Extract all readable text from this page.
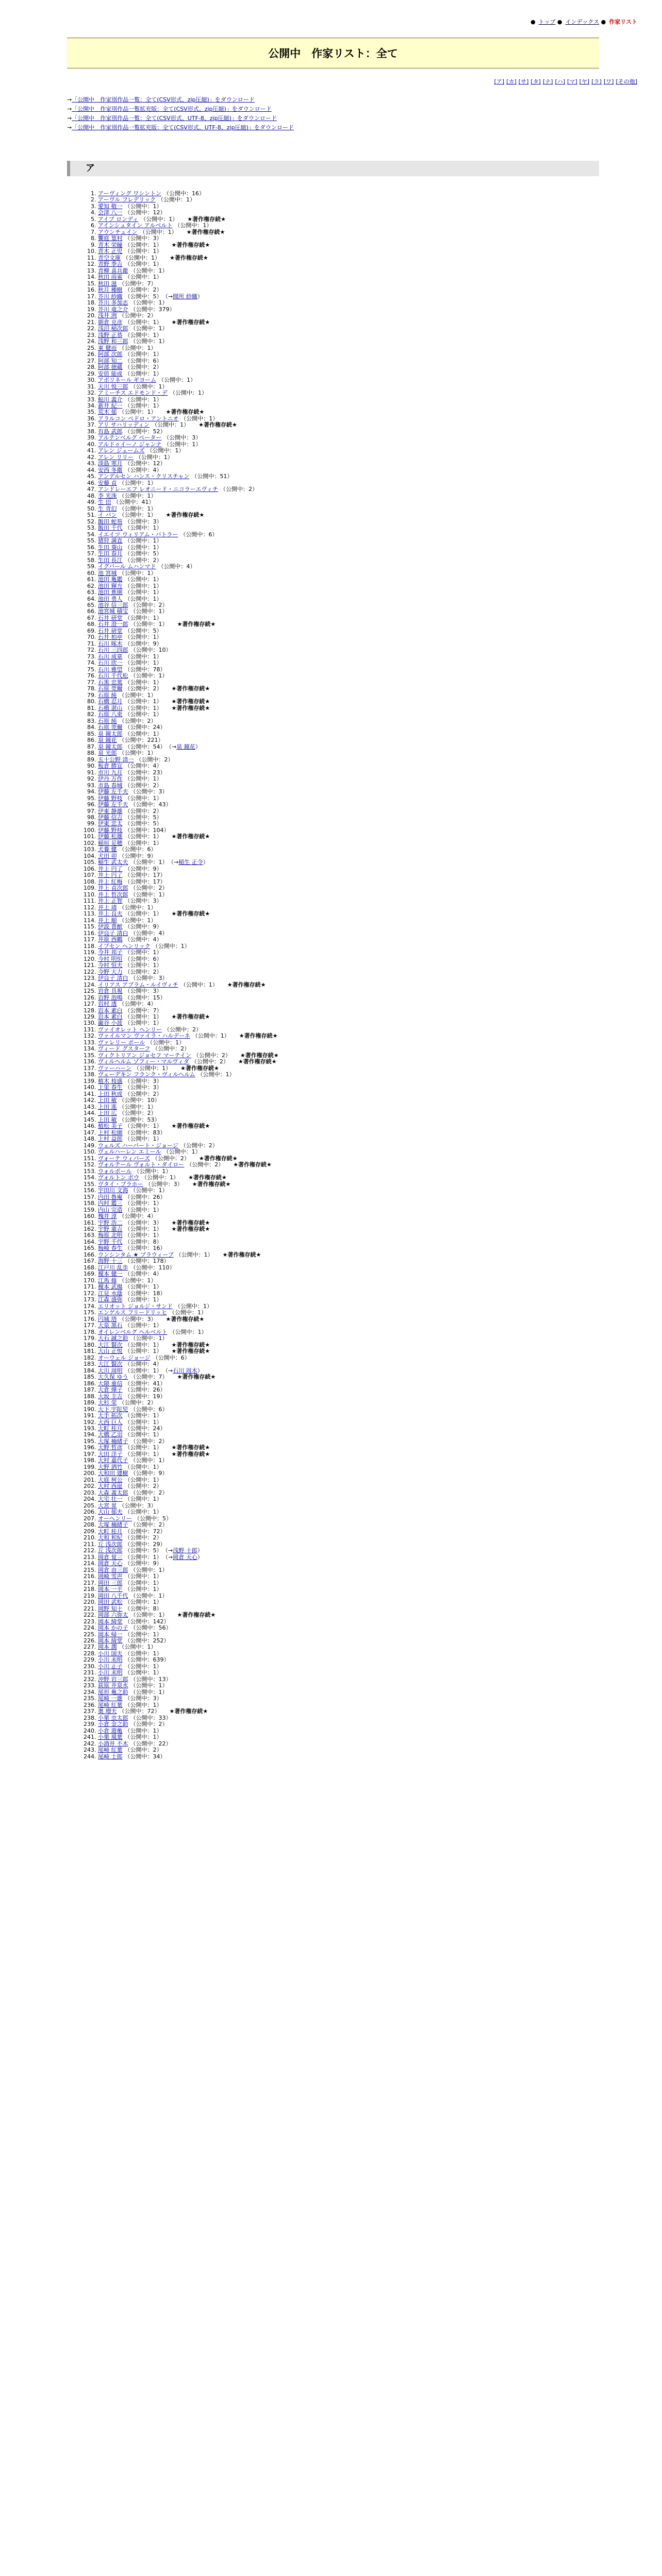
● トップ ● インデックス ● 作家リスト
公開中　作家リスト：全て
[ア] [カ] [サ] [タ] [ナ] [ハ] [マ] [ヤ] [ラ] [ワ] [その他]
→「公開中　作家別作品一覧：全て(CSV形式、zip圧縮)」をダウンロード
→「公開中　作家別作品一覧拡充版：全て(CSV形式、zip圧縮)」をダウンロード
→「公開中　作家別作品一覧：全て(CSV形式、UTF-8、zip圧縮)」をダウンロード
→「公開中　作家別作品一覧拡充版：全て(CSV形式、UTF-8、zip圧縮)」をダウンロード
ア
1. アーヴィング ワシントン （公開中：16）
2. アーヴル フレデリック （公開中：1）
3. 愛知 敬一 （公開中：1）
4. 会津 八一 （公開中：12）
5. アイブ ロンディ （公開中：1） ★著作権存続★
6. アインシュタイン アルベルト （公開中：1）
7. アウンチュイン （公開中：1） ★著作権存続★
8. 饗庭 篁村 （公開中：3）
9. 青木 栄瞳 （公開中：1） ★著作権存続★
10. 青木 正児 （公開中：1）
11. 青空文庫 （公開中：1） ★著作権存続★
12. 青野 季吉 （公開中：1）
13. 青柳 喜兵衛 （公開中：1）
14. 秋田 雨雀 （公開中：1）
15. 秋田 滋 （公開中：7）
16. 秋月 種樹 （公開中：2）
17. 芥川 紗織 （公開中：5） （→間所 紗織）
18. 芥川 多加志 （公開中：1）
19. 芥川 竜之介 （公開中：379）
20. 浅井 洌 （公開中：2）
21. 朝倉 克彦 （公開中：1） ★著作権存続★
22. 浅沼 稲次郎 （公開中：1）
23. 浅野 正恭 （公開中：1）
24. 浅野 和三郎 （公開中：1）
25. 東 健而 （公開中：1）
26. 阿部 次郎 （公開中：1）
27. 阿部 知二 （公開中：6）
28. 阿部 徳蔵 （公開中：2）
29. 安倍 能成 （公開中：1）
30. アポリネール ギヨーム （公開中：1）
31. 天川 悦三郎 （公開中：1）
32. アミーチス エドモンド・デ （公開中：1）
33. 鮎川 義介 （公開中：1）
34. 新井 紀一 （公開中：1）
35. 荒木 郁 （公開中：1） ★著作権存続★
36. アラルコン ペドロ・アントニオ （公開中：1）
37. アリ サハリッディン （公開中：1） ★著作権存続★
38. 有島 武郎 （公開中：52）
39. アルテンベルグ ペーター （公開中：3）
40. アルドゥイーノ ジャンナ （公開中：1）
41. アレン ジェームズ （公開中：1）
42. アレン リリー （公開中：1）
43. 淡島 寒月 （公開中：12）
44. 安西 冬衛 （公開中：4）
45. アンデルセン ハンス・クリスチャン （公開中：51）
46. 安藤 貞 （公開中：1）
47. アンドレーエフ レオニード・ニコラーエヴィチ （公開中：2）
48. 李 光洙 （公開中：1）
49. 生 田 （公開中：41）
50. 生 青幻 （公開中：1）
51. イ バン （公開中：1） ★著作権存続★
52. 飯田 蛇笏 （公開中：3）
53. 飯田 千代 （公開中：1）
54. イエイツ ウィリアム・バトラー （公開中：6）
55. 猪狩 満直 （公開中：1）
56. 生田 葵山 （公開中：1）
57. 生田 春月 （公開中：5）
58. 生田 長江 （公開中：2）
59. イグバール ムハンマド （公開中：4）
60. 池 宮城 （公開中：1）
61. 池田 亀鑑 （公開中：1）
62. 池田 輝方 （公開中：1）
63. 池田 蕉園 （公開中：1）
64. 池田 勇人 （公開中：1）
65. 池谷 信三郎 （公開中：2）
66. 池宮城 積宝 （公開中：1）
67. 石井 研堂 （公開中：1）
68. 石井 澄一郎 （公開中：1） ★著作権存続★
69. 石井 研堂 （公開中：5）
70. 石井 柏亭 （公開中：1）
71. 石川 啄木 （公開中：9）
72. 石川 三四郎 （公開中：10）
73. 石川 成章 （公開中：1）
74. 石川 欣一 （公開中：1）
75. 石川 雅望 （公開中：78）
76. 石川 千代松 （公開中：1）
77. 石黒 忠篤 （公開中：1）
78. 石原 莞爾 （公開中：2） ★著作権存続★
79. 石原 純 （公開中：1）
80. 石橋 忍月 （公開中：1） ★著作権存続★
81. 石橋 湛山 （公開中：1） ★著作権存続★
82. 石原 八束 （公開中：1）
83. 石原 純 （公開中：2）
84. 石原 莞爾 （公開中：24）
85. 泉 鏡太郎 （公開中：1）
86. 泉 鏡花 （公開中：221）
87. 泉 鏡太郎 （公開中：54） （→泉 鏡花）
88. 泉 光郎 （公開中：1）
89. 五十公野 清一 （公開中：2）
90. 板倉 勝宣 （公開中：4）
91. 市川 九月 （公開中：23）
92. 伊丹 万作 （公開中：1）
93. 市島 春城 （公開中：2）
94. 伊藤 左千夫 （公開中：3）
95. 伊藤 野枝 （公開中：1）
96. 伊藤 左千夫 （公開中：43）
97. 伊東 静雄 （公開中：2）
98. 伊藤 信吉 （公開中：5）
99. 伊東 忠太 （公開中：5）
100. 伊藤 野枝 （公開中：104）
101. 伊藤 松雄 （公開中：1） ★著作権存続★
102. 稲垣 足穂 （公開中：1）
103. 犬養 健 （公開中：6）
104. 犬田 卯 （公開中：9）
105. 稲生 武太夫 （公開中：1） （→稲生 正令）
106. 井上 円了 （公開中：9）
107. 井上 円了 （公開中：17）
108. 井上 紅梅 （公開中：17）
109. 井上 貞次郎 （公開中：2）
110. 井上 哲次郎 （公開中：1）
111. 井上 正智 （公開中：3）
112. 井上 靖 （公開中：1）
113. 井上 良夫 （公開中：1） ★著作権存続★
114. 井上 順 （公開中：1）
115. 伊波 普猷 （公開中：9）
116. 伊良子 清白 （公開中：4）
117. 井原 西鶴 （公開中：4）
118. イプセン ヘンリック （公開中：1）
119. 今井 邦子 （公開中：1）
120. 今村 明恒 （公開中：6）
121. 今村 恒夫 （公開中：1）
122. 今野 大力 （公開中：2）
123. 伊良子 清白 （公開中：3）
124. イリアス アブラム・ルイヴィチ （公開中：1） ★著作権存続★
125. 岩倉 具視 （公開中：3）
126. 岩野 泡鳴 （公開中：15）
127. 岩村 透 （公開中：4）
128. 岩本 素白 （公開中：7）
129. 岩本 素白 （公開中：1） ★著作権存続★
130. 巌谷 小波 （公開中：1）
131. ヴァイオレット ヘンリー （公開中：2）
132. ヴァイルマン ヴァイラ・ハルデーネ （公開中：1） ★著作権存続★
133. ヴァレリー ポール （公開中：1）
134. ヴィード グスターフ （公開中：2）
135. ヴィクトリアン ジョセフ マーテイン （公開中：2） ★著作権存続★
136. ヴィルヘルム ゾフィー・マルヴィダ （公開中：2） ★著作権存続★
137. ヴァーハーン （公開中：1） ★著作権存続★
138. ヴェーデキン フランク・ヴィルヘルム （公開中：1）
139. 植木 枝盛 （公開中：3）
140. 上里 春生 （公開中：3）
141. 上田 秋成 （公開中：2）
142. 上田 敏 （公開中：10）
143. 上田 進 （公開中：1）
144. 上田 広 （公開中：2）
145. 上田 敏 （公開中：53）
146. 植松 美子 （公開中：1） ★著作権存続★
147. 上村 松園 （公開中：83）
148. 上村 益郎 （公開中：1）
149. ウェルズ ハーバート・ジョージ （公開中：2）
150. ヴェルハーレン エミール （公開中：1）
151. ヴォーテ ウィバーズ （公開中：2） ★著作権存続★
152. ヴォルテール ヴォルト・ダイロー （公開中：2） ★著作権存続★
153. ウォルポール （公開中：1）
154. ヴォルトン ボウ （公開中：1） ★著作権存続★
155. ヴタイ・ブラホー （公開中：3） ★著作権存続★
156. 宇田川 文海 （公開中：1）
157. 内田 魯庵 （公開中：26）
158. 内村 鑑三 （公開中：1）
159. 内山 完造 （公開中：1）
160. 槐井 淳 （公開中：4）
161. 宇野 浩二 （公開中：3） ★著作権存続★
162. 宇野 重吉 （公開中：1） ★著作権存続★
163. 梅原 北明 （公開中：1）
164. 宇野 千代 （公開中：8）
165. 梅崎 春生 （公開中：16）
166. ウンシンタム ★ プラウィーブ （公開中：1） ★著作権存続★
167. 海野 十三 （公開中：178）
168. 江戸川 乱歩 （公開中：110）
169. 榎本 健一 （公開中：4）
170. 江馬 修 （公開中：1）
171. 榎本 武揚 （公開中：1）
172. 江見 水蔭 （公開中：18）
173. 江森 盛弥 （公開中：1）
174. エリオット ジョルジ・サンド （公開中：1）
175. エンゲルス フリードリッヒ （公開中：1）
176. 円城 塔 （公開中：3） ★著作権存続★
177. 大泉 黒石 （公開中：1）
178. オイレンベルグ ヘルベルト （公開中：1）
179. 大石 誠之助 （公開中：1）
180. 大江 賢次 （公開中：1） ★著作権存続★
181. 大山 正悦 （公開中：1） ★著作権存続★
182. オーウェル ジョージ （公開中：6）
183. 大江 賢次 （公開中：4）
184. 大川 周明 （公開中：1） （→石川 周木）
185. 大久保 ゆう （公開中：7） ★著作権存続★
186. 大隈 重信 （公開中：41）
187. 大倉 燁子 （公開中：26）
188. 大坂 圭吉 （公開中：19）
189. 大杉 栄 （公開中：2）
190. 大下 宇陀児 （公開中：6）
191. 大手 拓次 （公開中：1）
192. 大西 巨人 （公開中：1）
193. 大町 桂月 （公開中：24）
194. 大橋 乙羽 （公開中：1）
195. 大塚 楠緒子 （公開中：2）
196. 大野 哲彦 （公開中：1） ★著作権存続★
197. 大田 洋子 （公開中：1） ★著作権存続★
198. 大村 嘉代子 （公開中：1）
199. 大野 洒竹 （公開中：1）
200. 大和田 建樹 （公開中：9）
201. 大庭 柯公 （公開中：1）
202. 大村 西崖 （公開中：2）
203. 大森 義太郎 （公開中：2）
204. 大宅 壮一 （公開中：1）
205. 大宮 昇 （公開中：3）
206. 大山 郁夫 （公開中：1）
207. オーヘンリー （公開中：5）
208. 大塚 楠緒子 （公開中：2）
209. 大町 桂月 （公開中：72）
210. 大和 和紀 （公開中：2）
211. 丘 浅次郎 （公開中：29）
212. 丘 浅次郎 （公開中：5） （→浅野 十郎）
213. 岡倉 覚三 （公開中：1） （→岡倉 天心）
214. 岡倉 天心 （公開中：9）
215. 岡倉 由三郎 （公開中：1）
216. 岡崎 雪声 （公開中：1）
217. 岡田 三郎 （公開中：1）
218. 岡本 一平 （公開中：1）
219. 岡田 八千代 （公開中：1）
220. 岡田 武松 （公開中：1）
221. 岡野 知十 （公開中：8）
222. 岡部 六弥太 （公開中：1） ★著作権存続★
223. 岡本 綺堂 （公開中：142）
224. 岡本 かの子 （公開中：56）
225. 岡本 帰一 （公開中：1）
226. 岡本 綺堂 （公開中：252）
227. 岡本 潤 （公開中：1）
228. 小川 国夫 （公開中：1）
229. 小川 未明 （公開中：639）
230. 小川 正子 （公開中：1）
231. 小川 未明 （公開中：1）
232. 沖野 岩三郎 （公開中：13）
233. 荻原 井泉水 （公開中：1）
234. 尾形 亀之助 （公開中：1）
235. 尾崎 一雄 （公開中：3）
236. 尾崎 紅葉 （公開中：1）
237. 奥 増夫 （公開中：72） ★著作権存続★
238. 小栗 虫太郎 （公開中：33）
239. 小倉 金之助 （公開中：2）
240. 小倉 遊亀 （公開中：1）
241. 小栗 風葉 （公開中：1）
242. 小酒井 不木 （公開中：22）
243. 尾崎 紅葉 （公開中：2）
244. 尾崎 士郎 （公開中：34）
